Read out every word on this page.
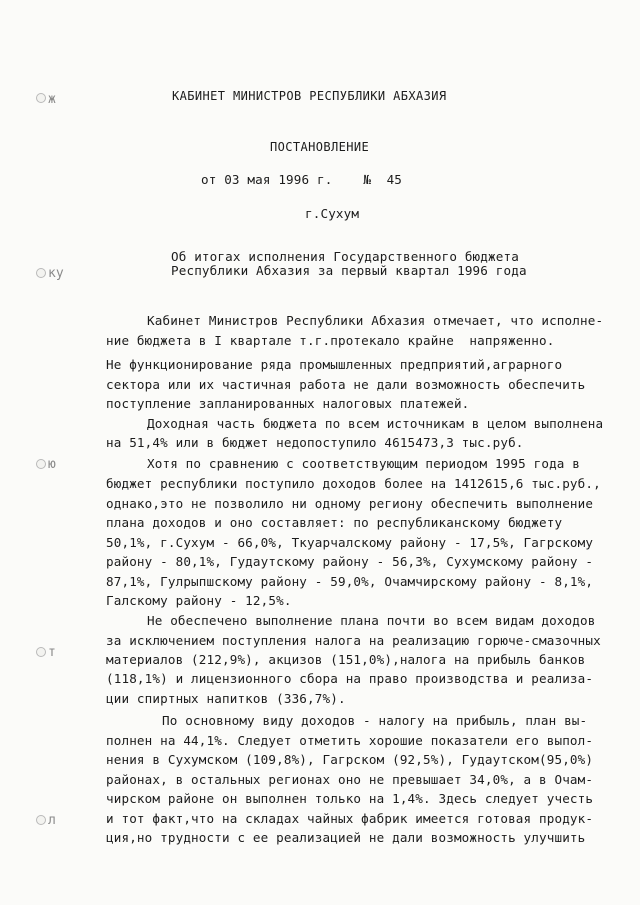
ж
ку
ю
т
л
КАБИНЕТ МИНИСТРОВ РЕСПУБЛИКИ АБХАЗИЯ
ПОСТАНОВЛЕНИЕ
от 03 мая 1996 г.    №  45
г.Сухум
Об итогах исполнения Государственного бюджета
Республики Абхазия за первый квартал 1996 года
Кабинет Министров Республики Абхазия отмечает, что исполне-
ние бюджета в I квартале т.г.протекало крайне  напряженно.
Не функционирование ряда промышленных предприятий,аграрного
сектора или их частичная работа не дали возможность обеспечить
поступление запланированных налоговых платежей.
Доходная часть бюджета по всем источникам в целом выполнена
на 51,4% или в бюджет недопоступило 4615473,3 тыс.руб.
Хотя по сравнению с соответствующим периодом 1995 года в
бюджет республики поступило доходов более на 1412615,6 тыс.руб.,
однако,это не позволило ни одному региону обеспечить выполнение
плана доходов и оно составляет: по республиканскому бюджету
50,1%, г.Сухум - 66,0%, Ткуарчалскому району - 17,5%, Гагрскому
району - 80,1%, Гудаутскому району - 56,3%, Сухумскому району -
87,1%, Гулрыпшскому району - 59,0%, Очамчирскому району - 8,1%,
Галскому району - 12,5%.
Не обеспечено выполнение плана почти во всем видам доходов
за исключением поступления налога на реализацию горюче-смазочных
материалов (212,9%), акцизов (151,0%),налога на прибыль банков
(118,1%) и лицензионного сбора на право производства и реализа-
ции спиртных напитков (336,7%).
По основному виду доходов - налогу на прибыль, план вы-
полнен на 44,1%. Следует отметить хорошие показатели его выпол-
нения в Сухумском (109,8%), Гагрском (92,5%), Гудаутском(95,0%)
районах, в остальных регионах оно не превышает 34,0%, а в Очам-
чирском районе он выполнен только на 1,4%. Здесь следует учесть
и тот факт,что на складах чайных фабрик имеется готовая продук-
ция,но трудности с ее реализацией не дали возможность улучшить
